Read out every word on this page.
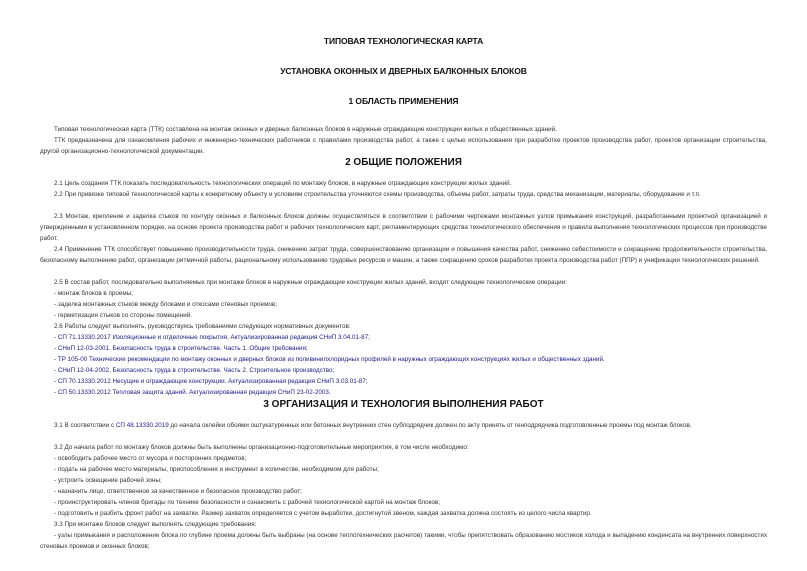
ТИПОВАЯ ТЕХНОЛОГИЧЕСКАЯ КАРТА
УСТАНОВКА ОКОННЫХ И ДВЕРНЫХ БАЛКОННЫХ БЛОКОВ
1 ОБЛАСТЬ ПРИМЕНЕНИЯ
Типовая технологическая карта (ТТК) составлена на монтаж оконных и дверных балконных блоков в наружные ограждающие конструкции жилых и общественных зданий.
ТТК предназначена для ознакомления рабочих и инженерно-технических работников с правилами производства работ, а также с целью использования при разработке проектов производства работ, проектов организации строительства, другой организационно-технологической документации.
2 ОБЩИЕ ПОЛОЖЕНИЯ
2.1 Цель создания ТТК показать последовательность технологических операций по монтажу блоков, в наружные ограждающие конструкции жилых зданий.
2.2 При привязке типовой технологической карты к конкретному объекту и условиям строительства уточняются схемы производства, объемы работ, затраты труда, средства механизации, материалы, оборудование и т.п.
2.3 Монтаж, крепление и заделка стыков по контуру оконных и балконных блоков должны осуществляться в соответствии с рабочими чертежами монтажных узлов примыкания конструкций, разработанными проектной организацией и утвержденными в установленном порядке, на основе проекта производства работ и рабочих технологических карт, регламентирующих средства технологического обеспечения и правила выполнения технологических процессов при производстве работ.
2.4 Применение ТТК способствует повышению производительности труда, снижению затрат труда, совершенствованию организации и повышения качества работ, снижению себестоимости и сокращению продолжительности строительства, безопасному выполнению работ, организации ритмичной работы, рациональному использованию трудовых ресурсов и машин, а также сокращению сроков разработки проекта производства работ (ППР) и унификации технологических решений.
2.5 В состав работ, последовательно выполняемых при монтаже блоков в наружные ограждающие конструкции жилых зданий, входят следующие технологические операции:
- монтаж блоков в проемы;
- заделка монтажных стыков между блоками и откосами стеновых проемов;
- герметизация стыков со стороны помещений.
2.6 Работы следует выполнять, руководствуясь требованиями следующих нормативных документов:
- СП 71.13330.2017 Изоляционные и отделочные покрытия. Актуализированная редакция СНиП 3.04.01-87;
- СНиП 12-03-2001. Безопасность труда в строительстве. Часть 1. Общие требования;
- ТР 105-00 Технические рекомендации по монтажу оконных и дверных блоков из поливинилхлоридных профилей в наружных ограждающих конструкциях жилых и общественных зданий.
- СНиП 12-04-2002. Безопасность труда в строительстве. Часть 2. Строительное производство;
- СП 70.13330.2012 Несущие и ограждающие конструкции. Актуализированная редакция СНиП 3.03.01-87;
- СП 50.13330.2012 Тепловая защита зданий. Актуализированная редакция СНиП 23-02-2003.
3 ОРГАНИЗАЦИЯ И ТЕХНОЛОГИЯ ВЫПОЛНЕНИЯ РАБОТ
3.1 В соответствии с СП 48.13330.2019 до начала оклейки обоями оштукатуренных или бетонных внутренних стен субподрядчик должен по акту принять от генподрядчика подготовленные проемы под монтаж блоков.
3.2 До начала работ по монтажу блоков должны быть выполнены организационно-подготовительные мероприятия, в том числе необходимо:
- освободить рабочее место от мусора и посторонних предметов;
- подать на рабочее место материалы, приспособления и инструмент в количестве, необходимом для работы;
- устроить освещение рабочей зоны;
- назначить лицо, ответственное за качественное и безопасное производство работ;
- проинструктировать членов бригады по технике безопасности и ознакомить с рабочей технологической картой на монтаж блоков;
- подготовить и разбить фронт работ на захватки. Размер захваток определяется с учетом выработки, достигнутой звеном, каждая захватка должна состоять из целого числа квартир.
3.3 При монтаже блоков следует выполнять следующие требования:
- узлы примыкания и расположение блока по глубине проема должны быть выбраны (на основе теплотехнических расчетов) такими, чтобы препятствовать образованию мостиков холода и выпадению конденсата на внутренних поверхностях стеновых проемов и оконных блоков;
